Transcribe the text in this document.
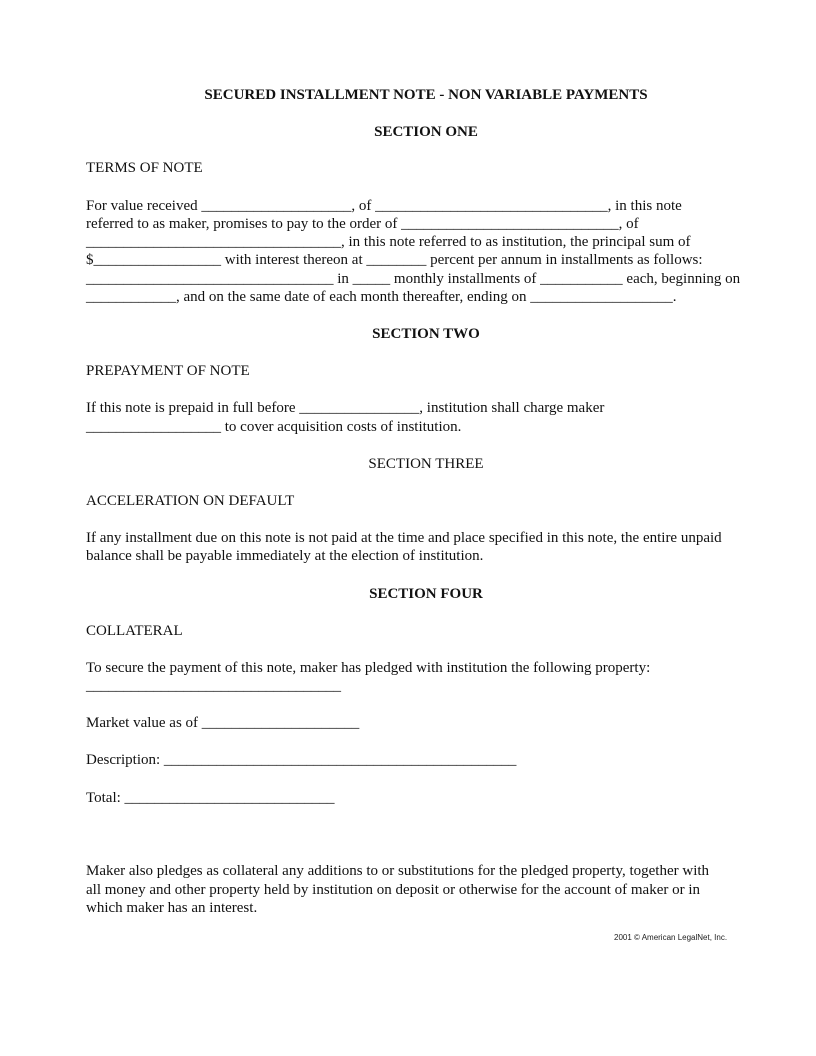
SECURED INSTALLMENT NOTE - NON VARIABLE PAYMENTS

SECTION ONE

TERMS OF NOTE

For value received ____________________, of _______________________________, in this note

referred to as maker, promises to pay to the order of _____________________________, of

__________________________________, in this note referred to as institution, the principal sum of

$_________________ with interest thereon at ________ percent per annum in installments as follows:

_________________________________ in _____ monthly installments of ___________ each, beginning on

____________, and on the same date of each month thereafter, ending on ___________________.

SECTION TWO

PREPAYMENT OF NOTE

If this note is prepaid in full before ________________, institution shall charge maker

__________________ to cover acquisition costs of institution.

SECTION THREE

ACCELERATION ON DEFAULT

If any installment due on this note is not paid at the time and place specified in this note, the entire unpaid

balance shall be payable immediately at the election of institution.

SECTION FOUR

COLLATERAL

To secure the payment of this note, maker has pledged with institution the following property:

__________________________________

Market value as of _____________________

Description: _______________________________________________

Total: ____________________________

Maker also pledges as collateral any additions to or substitutions for the pledged property, together with

all money and other property held by institution on deposit or otherwise for the account of maker or in

which maker has an interest.

2001 © American LegalNet, Inc.
